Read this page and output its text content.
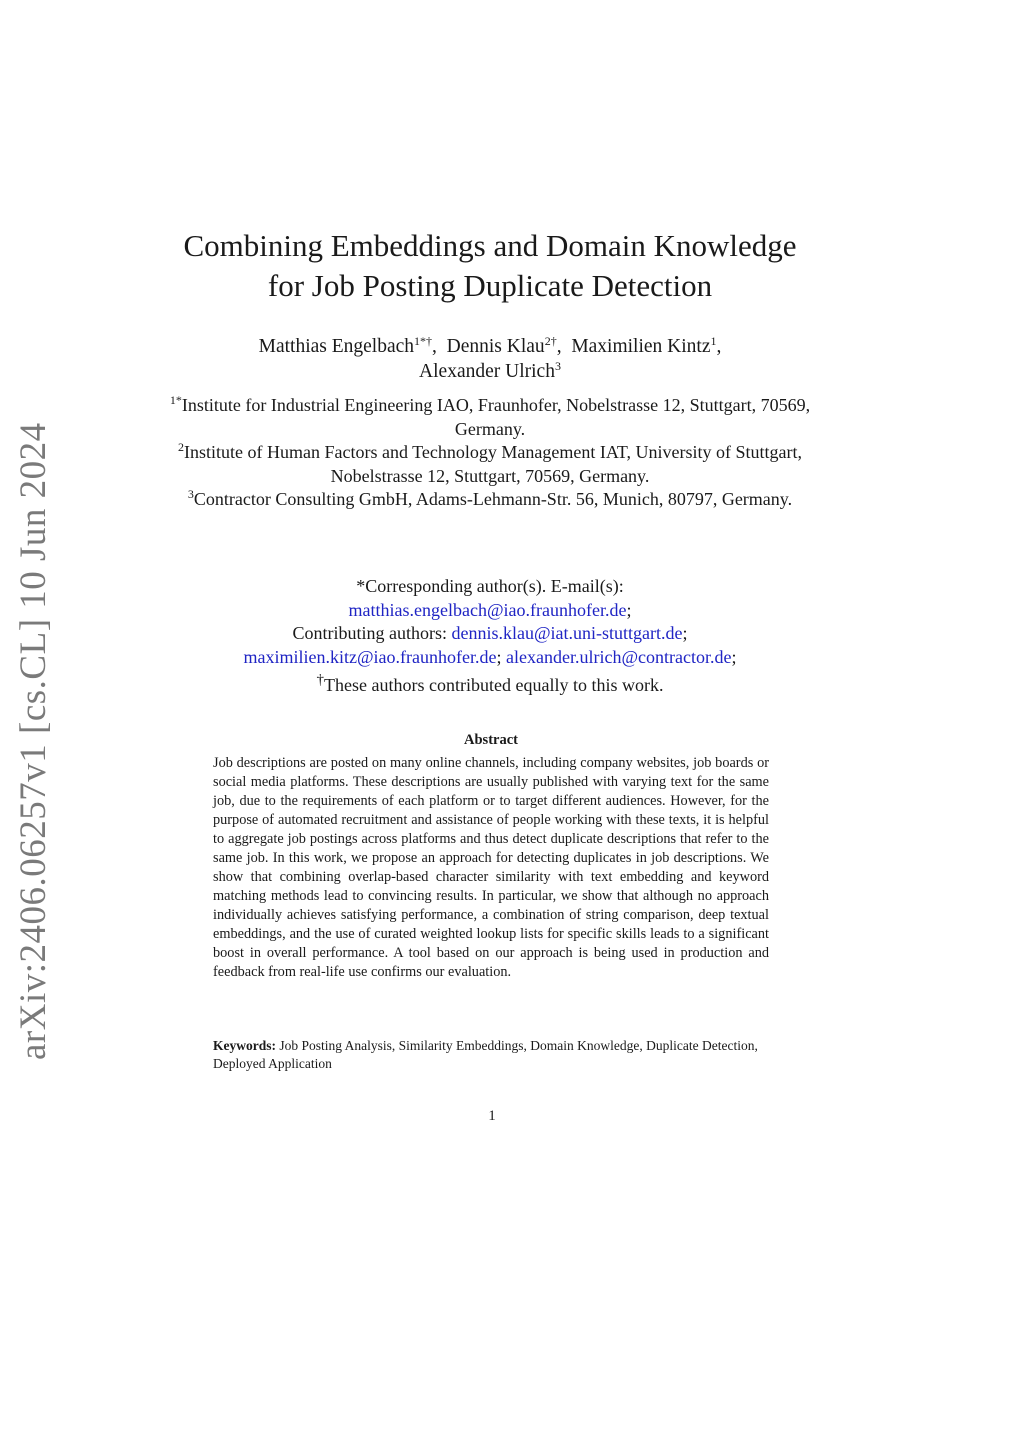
arXiv:2406.06257v1 [cs.CL] 10 Jun 2024
Combining Embeddings and Domain Knowledge
for Job Posting Duplicate Detection
Matthias Engelbach$^{1*\dagger}$,  Dennis Klau$^{2\dagger}$,  Maximilien Kintz$^1$,
Alexander Ulrich$^3$

$^{1*}$Institute for Industrial Engineering IAO, Fraunhofer, Nobelstrasse 12, Stuttgart, 70569, Germany.

$^2$Institute of Human Factors and Technology Management IAT, University of Stuttgart, Nobelstrasse 12, Stuttgart, 70569, Germany.

$^3$Contractor Consulting GmbH, Adams-Lehmann-Str. 56, Munich, 80797, Germany.

*Corresponding author(s). E-mail(s):

matthias.engelbach@iao.fraunhofer.de;

Contributing authors: dennis.klau@iat.uni-stuttgart.de;

maximilien.kitz@iao.fraunhofer.de; alexander.ulrich@contractor.de;

†These authors contributed equally to this work.

Abstract

Job descriptions are posted on many online channels, including company websites, job boards or social media platforms. These descriptions are usually published with varying text for the same job, due to the requirements of each platform or to target different audiences. However, for the purpose of automated recruitment and assistance of people working with these texts, it is helpful to aggregate job postings across platforms and thus detect duplicate descriptions that refer to the same job. In this work, we propose an approach for detecting duplicates in job descriptions. We show that combining overlap-based character similarity with text embedding and keyword matching methods lead to convincing results. In particular, we show that although no approach individually achieves satisfying performance, a combination of string comparison, deep textual embeddings, and the use of curated weighted lookup lists for specific skills leads to a significant boost in overall performance. A tool based on our approach is being used in production and feedback from real-life use confirms our evaluation.

Keywords: Job Posting Analysis, Similarity Embeddings, Domain Knowledge, Duplicate Detection, Deployed Application

1
